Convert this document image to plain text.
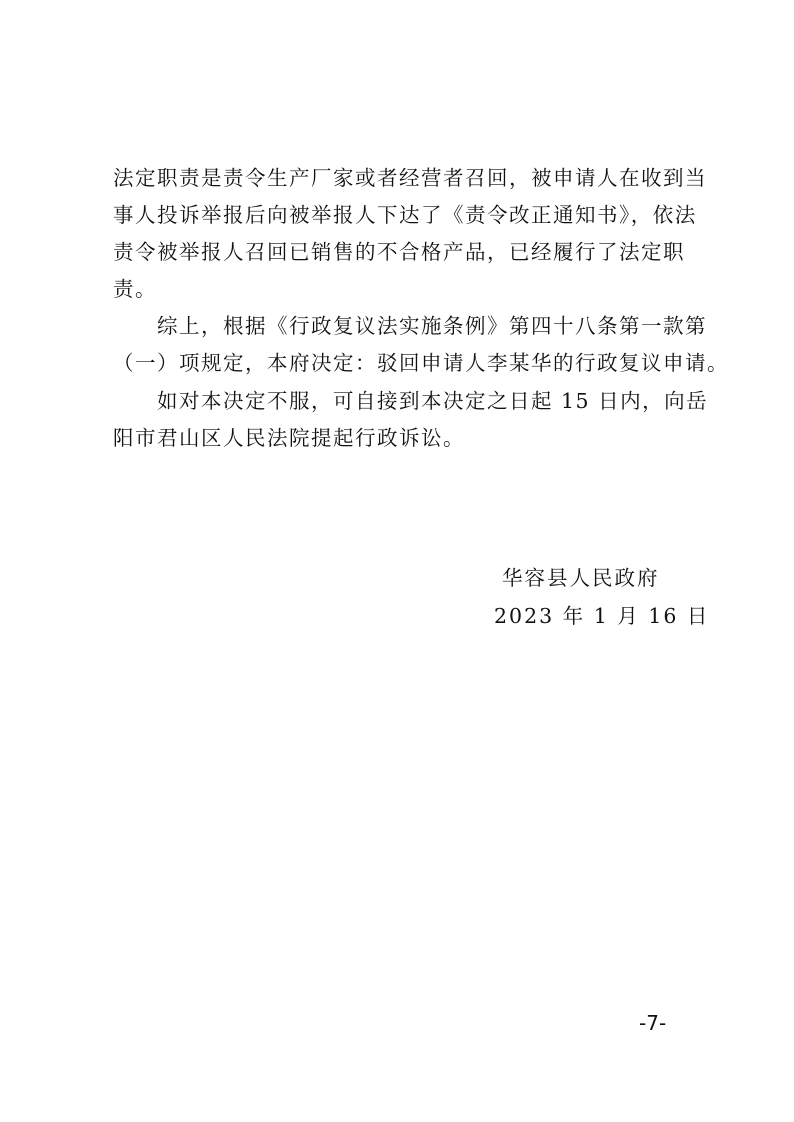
法定职责是责令生产厂家或者经营者召回，被申请人在收到当
事人投诉举报后向被举报人下达了《责令改正通知书》，依法
责令被举报人召回已销售的不合格产品，已经履行了法定职
责。
　　综上，根据《行政复议法实施条例》第四十八条第一款第
（一）项规定，本府决定：驳回申请人李某华的行政复议申请。
　　如对本决定不服，可自接到本决定之日起 15 日内，向岳
阳市君山区人民法院提起行政诉讼。
华容县人民政府
2023 年 1 月 16 日
-7-
